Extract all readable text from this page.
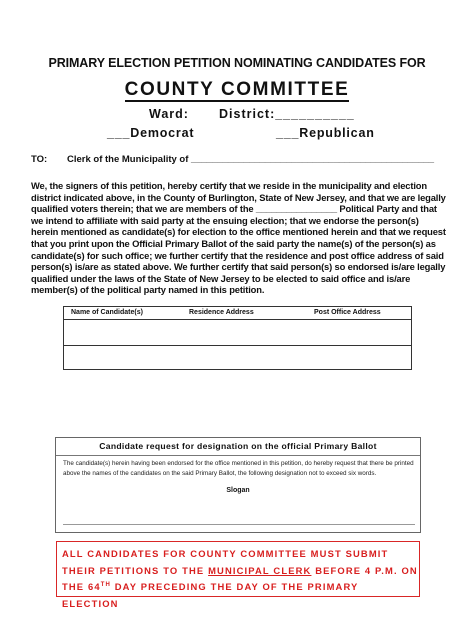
PRIMARY ELECTION PETITION NOMINATING CANDIDATES FOR
COUNTY COMMITTEE
Ward: District:__________
___Democrat	___Republican
TO: Clerk of the Municipality of ______________________________________________
We, the signers of this petition, hereby certify that we reside in the municipality and election district indicated above, in the County of Burlington, State of New Jersey, and that we are legally qualified voters therein; that we are members of the ________________ Political Party and that we intend to affiliate with said party at the ensuing election; that we endorse the person(s) herein mentioned as candidate(s) for election to the office mentioned herein and that we request that you print upon the Official Primary Ballot of the said party the name(s) of the person(s) as candidate(s) for such office; we further certify that the residence and post office address of said person(s) is/are as stated above. We further certify that said person(s) so endorsed is/are legally qualified under the laws of the State of New Jersey to be elected to said office and is/are member(s) of the political party named in this petition.
Name of Candidate(s)	Residence Address	Post Office Address
Candidate request for designation on the official Primary Ballot
The candidate(s) herein having been endorsed for the office mentioned in this petition, do hereby request that there be printed above the names of the candidates on the said Primary Ballot, the following designation not to exceed six words.
Slogan
ALL CANDIDATES FOR COUNTY COMMITTEE MUST SUBMIT THEIR PETITIONS TO THE MUNICIPAL CLERK BEFORE 4 P.M. ON THE 64TH DAY PRECEDING THE DAY OF THE PRIMARY ELECTION
